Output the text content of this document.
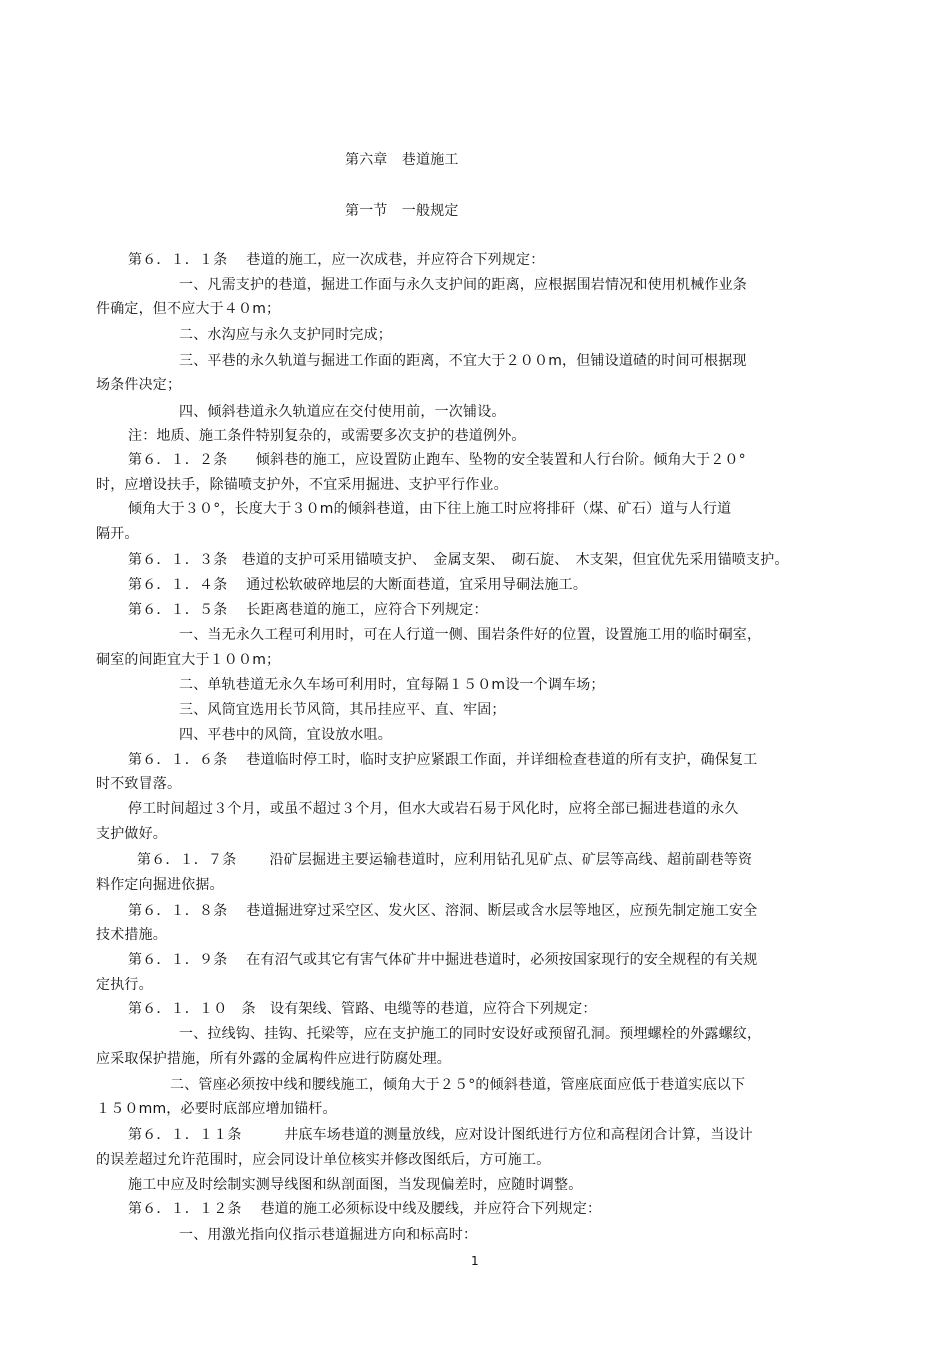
第六章　巷道施工
第一节　一般规定
第６．１．１条　 巷道的施工，应一次成巷，并应符合下列规定：
一、凡需支护的巷道，掘进工作面与永久支护间的距离，应根据围岩情况和使用机械作业条
件确定，但不应大于４０m；
二、水沟应与永久支护同时完成；
三、平巷的永久轨道与掘进工作面的距离，不宜大于２００m，但铺设道碴的时间可根据现
场条件决定；
四、倾斜巷道永久轨道应在交付使用前，一次铺设。
注：地质、施工条件特别复杂的，或需要多次支护的巷道例外。
第６．１．２条　　倾斜巷的施工，应设置防止跑车、坠物的安全装置和人行台阶。倾角大于２０°
时，应增设扶手，除锚喷支护外，不宜采用掘进、支护平行作业。
倾角大于３０°，长度大于３０m的倾斜巷道，由下往上施工时应将排矸（煤、矿石）道与人行道
隔开。
第６．１．３条　巷道的支护可采用锚喷支护、　金属支架、　砌石旋、　木支架，但宜优先采用锚喷支护。
第６．１．４条　 通过松软破碎地层的大断面巷道，宜采用导硐法施工。
第６．１．５条　 长距离巷道的施工，应符合下列规定：
一、当无永久工程可利用时，可在人行道一侧、围岩条件好的位置，设置施工用的临时硐室，
硐室的间距宜大于１００m；
二、单轨巷道无永久车场可利用时，宜每隔１５０m设一个调车场；
三、风筒宜选用长节风筒，其吊挂应平、直、牢固；
四、平巷中的风筒，宜设放水咀。
第６．１．６条　 巷道临时停工时，临时支护应紧跟工作面，并详细检查巷道的所有支护，确保复工
时不致冒落。
停工时间超过３个月，或虽不超过３个月，但水大或岩石易于风化时，应将全部已掘进巷道的永久
支护做好。
第６．１．７条　　 沿矿层掘进主要运输巷道时，应利用钻孔见矿点、矿层等高线、超前副巷等资
料作定向掘进依据。
第６．１．８条　 巷道掘进穿过采空区、发火区、溶洞、断层或含水层等地区，应预先制定施工安全
技术措施。
第６．１．９条　 在有沼气或其它有害气体矿井中掘进巷道时，必须按国家现行的安全规程的有关规
定执行。
第６．１．１０　条　设有架线、管路、电缆等的巷道，应符合下列规定：
一、拉线钩、挂钩、托梁等，应在支护施工的同时安设好或预留孔洞。预埋螺栓的外露螺纹，
应采取保护措施，所有外露的金属构件应进行防腐处理。
二、管座必须按中线和腰线施工，倾角大于２５°的倾斜巷道，管座底面应低于巷道实底以下
１５０mm，必要时底部应增加锚杆。
第６．１．１１条　　　井底车场巷道的测量放线，应对设计图纸进行方位和高程闭合计算，当设计
的误差超过允许范围时，应会同设计单位核实并修改图纸后，方可施工。
施工中应及时绘制实测导线图和纵剖面图，当发现偏差时，应随时调整。
第６．１．１２条　 巷道的施工必须标设中线及腰线，并应符合下列规定：
一、用激光指向仪指示巷道掘进方向和标高时：
1
